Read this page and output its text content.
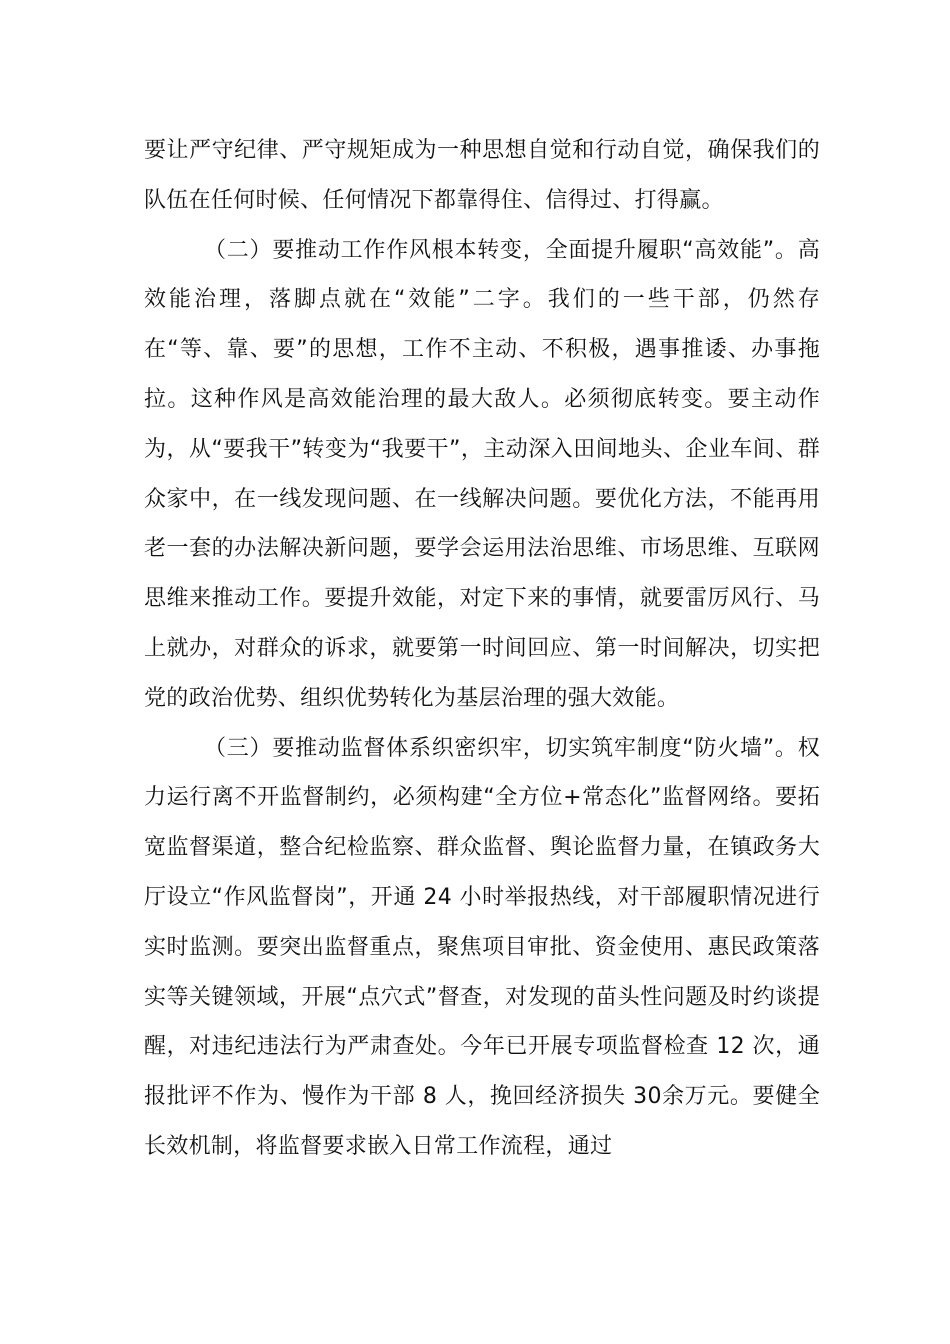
要让严守纪律、严守规矩成为一种思想自觉和行动自觉，确保我们的队伍在任何时候、任何情况下都靠得住、信得过、打得赢。

（二）要推动工作作风根本转变，全面提升履职“高效能”。高效能治理，落脚点就在“效能”二字。我们的一些干部，仍然存在“等、靠、要”的思想，工作不主动、不积极，遇事推诿、办事拖拉。这种作风是高效能治理的最大敌人。必须彻底转变。要主动作为，从“要我干”转变为“我要干”，主动深入田间地头、企业车间、群众家中，在一线发现问题、在一线解决问题。要优化方法，不能再用老一套的办法解决新问题，要学会运用法治思维、市场思维、互联网思维来推动工作。要提升效能，对定下来的事情，就要雷厉风行、马上就办，对群众的诉求，就要第一时间回应、第一时间解决，切实把党的政治优势、组织优势转化为基层治理的强大效能。

（三）要推动监督体系织密织牢，切实筑牢制度“防火墙”。权力运行离不开监督制约，必须构建“全方位+常态化”监督网络。要拓宽监督渠道，整合纪检监察、群众监督、舆论监督力量，在镇政务大厅设立“作风监督岗”，开通 24 小时举报热线，对干部履职情况进行实时监测。要突出监督重点，聚焦项目审批、资金使用、惠民政策落实等关键领域，开展“点穴式”督查，对发现的苗头性问题及时约谈提醒，对违纪违法行为严肃查处。今年已开展专项监督检查 12 次，通报批评不作为、慢作为干部 8 人，挽回经济损失 30余万元。要健全长效机制，将监督要求嵌入日常工作流程，通过
